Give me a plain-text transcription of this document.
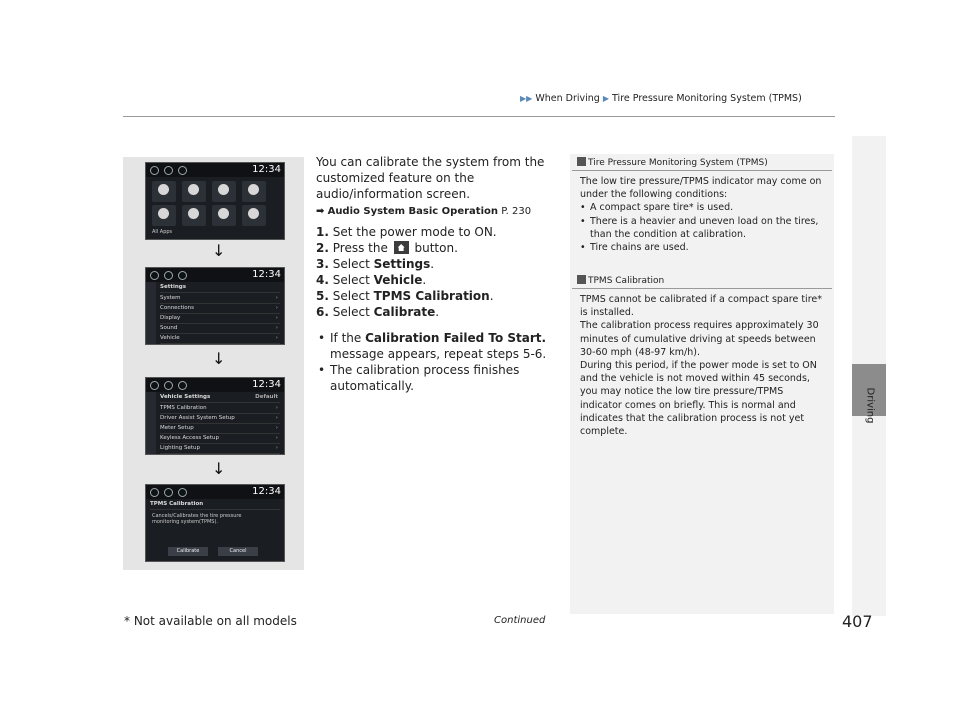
▶▶ When Driving ▶ Tire Pressure Monitoring System (TPMS)
Driving
12:34
All Apps
↓
12:34
Settings
System	›
Connections	›
Display	›
Sound	›
Vehicle	›
↓
12:34
Vehicle Settings	Default
TPMS Calibration	›
Driver Assist System Setup	›
Meter Setup	›
Keyless Access Setup	›
Lighting Setup	›
↓
12:34
TPMS Calibration
Cancels/Calibrates the tire pressure monitoring system(TPMS).
Calibrate	Cancel

You can calibrate the system from the customized feature on the audio/information screen.

➡ Audio System Basic Operation P. 230
1. Set the power mode to ON.
2. Press the button.
3. Select Settings.
4. Select Vehicle.
5. Select TPMS Calibration.
6. Select Calibrate.
• If the Calibration Failed To Start. message appears, repeat steps 5-6.
• The calibration process finishes automatically.
Tire Pressure Monitoring System (TPMS)
The low tire pressure/TPMS indicator may come on under the following conditions:
• A compact spare tire* is used.
• There is a heavier and uneven load on the tires, than the condition at calibration.
• Tire chains are used.
TPMS Calibration
TPMS cannot be calibrated if a compact spare tire* is installed.
The calibration process requires approximately 30 minutes of cumulative driving at speeds between 30-60 mph (48-97 km/h).
During this period, if the power mode is set to ON and the vehicle is not moved within 45 seconds, you may notice the low tire pressure/TPMS indicator comes on briefly. This is normal and indicates that the calibration process is not yet complete.
* Not available on all models	Continued	407
